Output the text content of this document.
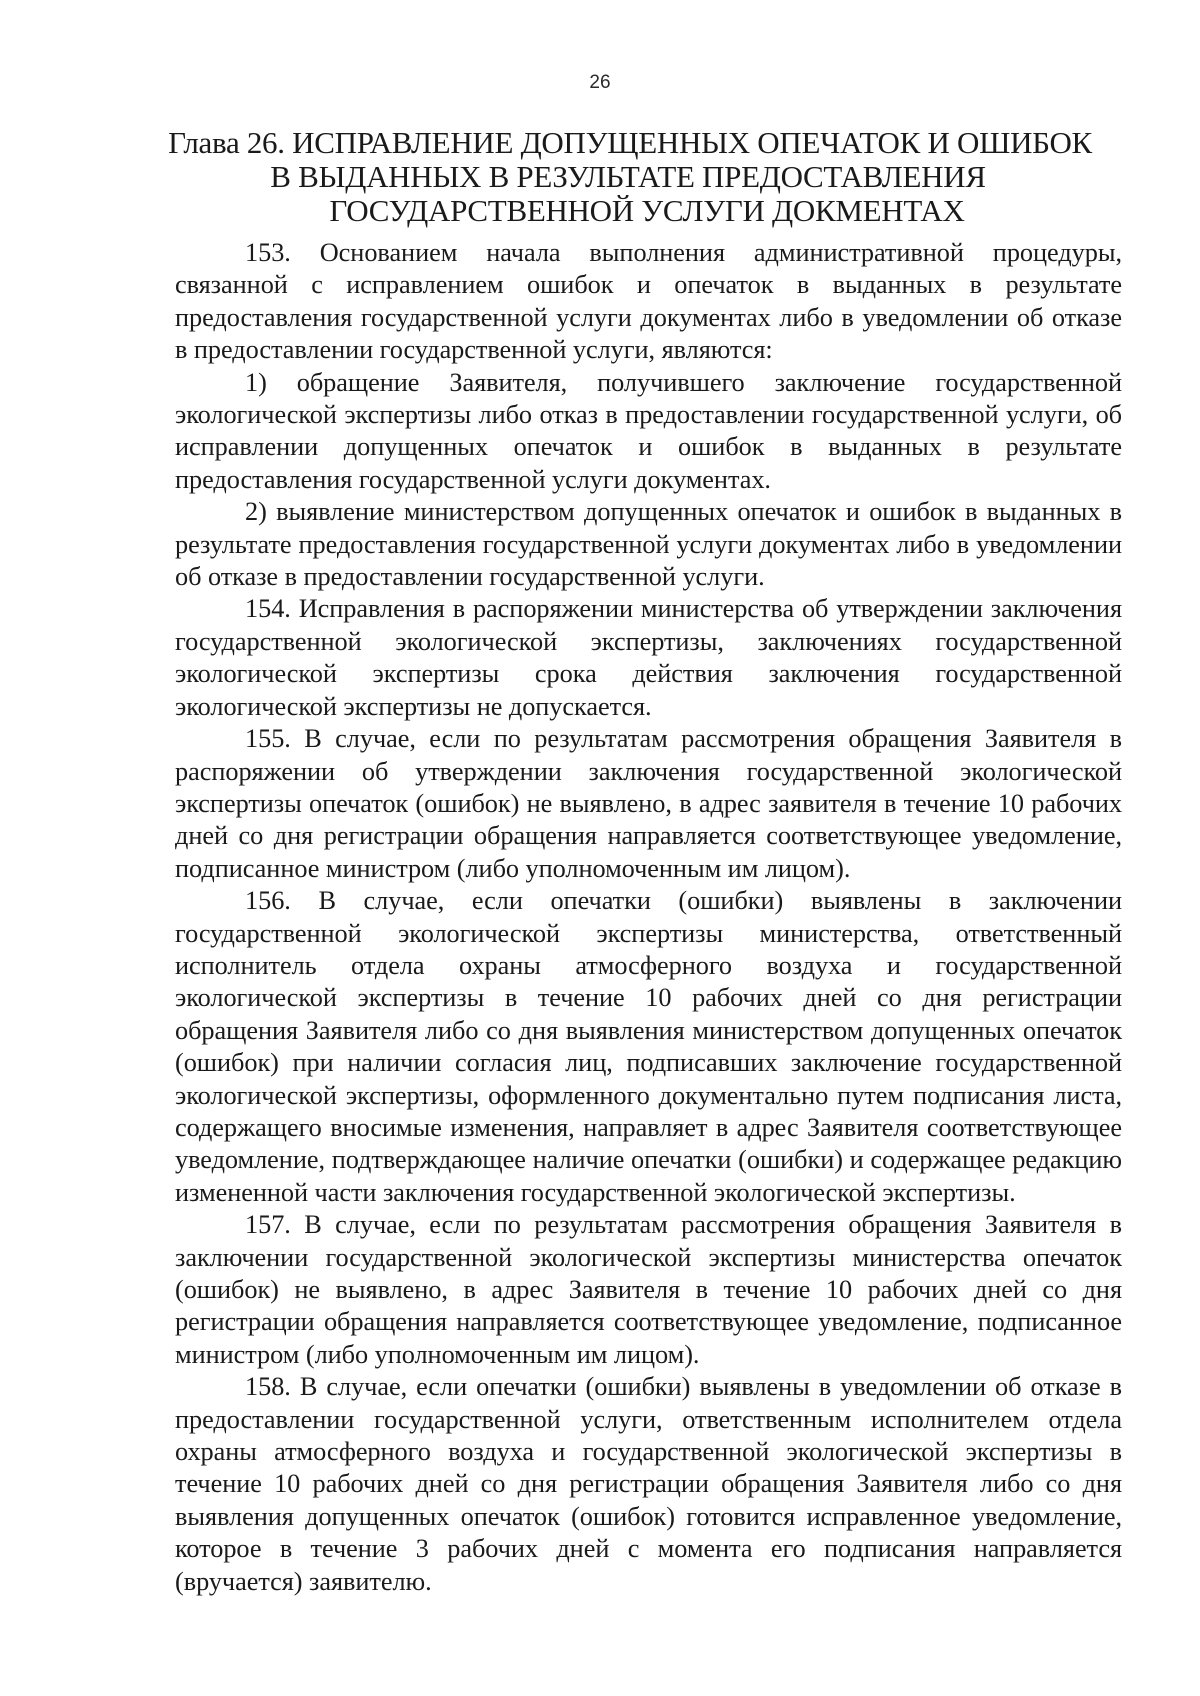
26
Глава 26. ИСПРАВЛЕНИЕ ДОПУЩЕННЫХ ОПЕЧАТОК И ОШИБОК
В ВЫДАННЫХ В РЕЗУЛЬТАТЕ ПРЕДОСТАВЛЕНИЯ
ГОСУДАРСТВЕННОЙ УСЛУГИ ДОКМЕНТАХ

153. Основанием начала выполнения административной процедуры, связанной с исправлением ошибок и опечаток в выданных в результате предоставления государственной услуги документах либо в уведомлении об отказе в предоставлении государственной услуги, являются:

1) обращение Заявителя, получившего заключение государственной экологической экспертизы либо отказ в предоставлении государственной услуги, об исправлении допущенных опечаток и ошибок в выданных в результате предоставления государственной услуги документах.

2) выявление министерством допущенных опечаток и ошибок в выданных в результате предоставления государственной услуги документах либо в уведомлении об отказе в предоставлении государственной услуги.

154. Исправления в распоряжении министерства об утверждении заключения государственной экологической экспертизы, заключениях государственной экологической экспертизы срока действия заключения государственной экологической экспертизы не допускается.

155. В случае, если по результатам рассмотрения обращения Заявителя в распоряжении об утверждении заключения государственной экологической экспертизы опечаток (ошибок) не выявлено, в адрес заявителя в течение 10 рабочих дней со дня регистрации обращения направляется соответствующее уведомление, подписанное министром (либо уполномоченным им лицом).

156. В случае, если опечатки (ошибки) выявлены в заключении государственной экологической экспертизы министерства, ответственный исполнитель отдела охраны атмосферного воздуха и государственной экологической экспертизы в течение 10 рабочих дней со дня регистрации обращения Заявителя либо со дня выявления министерством допущенных опечаток (ошибок) при наличии согласия лиц, подписавших заключение государственной экологической экспертизы, оформленного документально путем подписания листа, содержащего вносимые изменения, направляет в адрес Заявителя соответствующее уведомление, подтверждающее наличие опечатки (ошибки) и содержащее редакцию измененной части заключения государственной экологической экспертизы.

157. В случае, если по результатам рассмотрения обращения Заявителя в заключении государственной экологической экспертизы министерства опечаток (ошибок) не выявлено, в адрес Заявителя в течение 10 рабочих дней со дня регистрации обращения направляется соответствующее уведомление, подписанное министром (либо уполномоченным им лицом).

158. В случае, если опечатки (ошибки) выявлены в уведомлении об отказе в предоставлении государственной услуги, ответственным исполнителем отдела охраны атмосферного воздуха и государственной экологической экспертизы в течение 10 рабочих дней со дня регистрации обращения Заявителя либо со дня выявления допущенных опечаток (ошибок) готовится исправленное уведомление, которое в течение 3 рабочих дней с момента его подписания направляется (вручается) заявителю.
